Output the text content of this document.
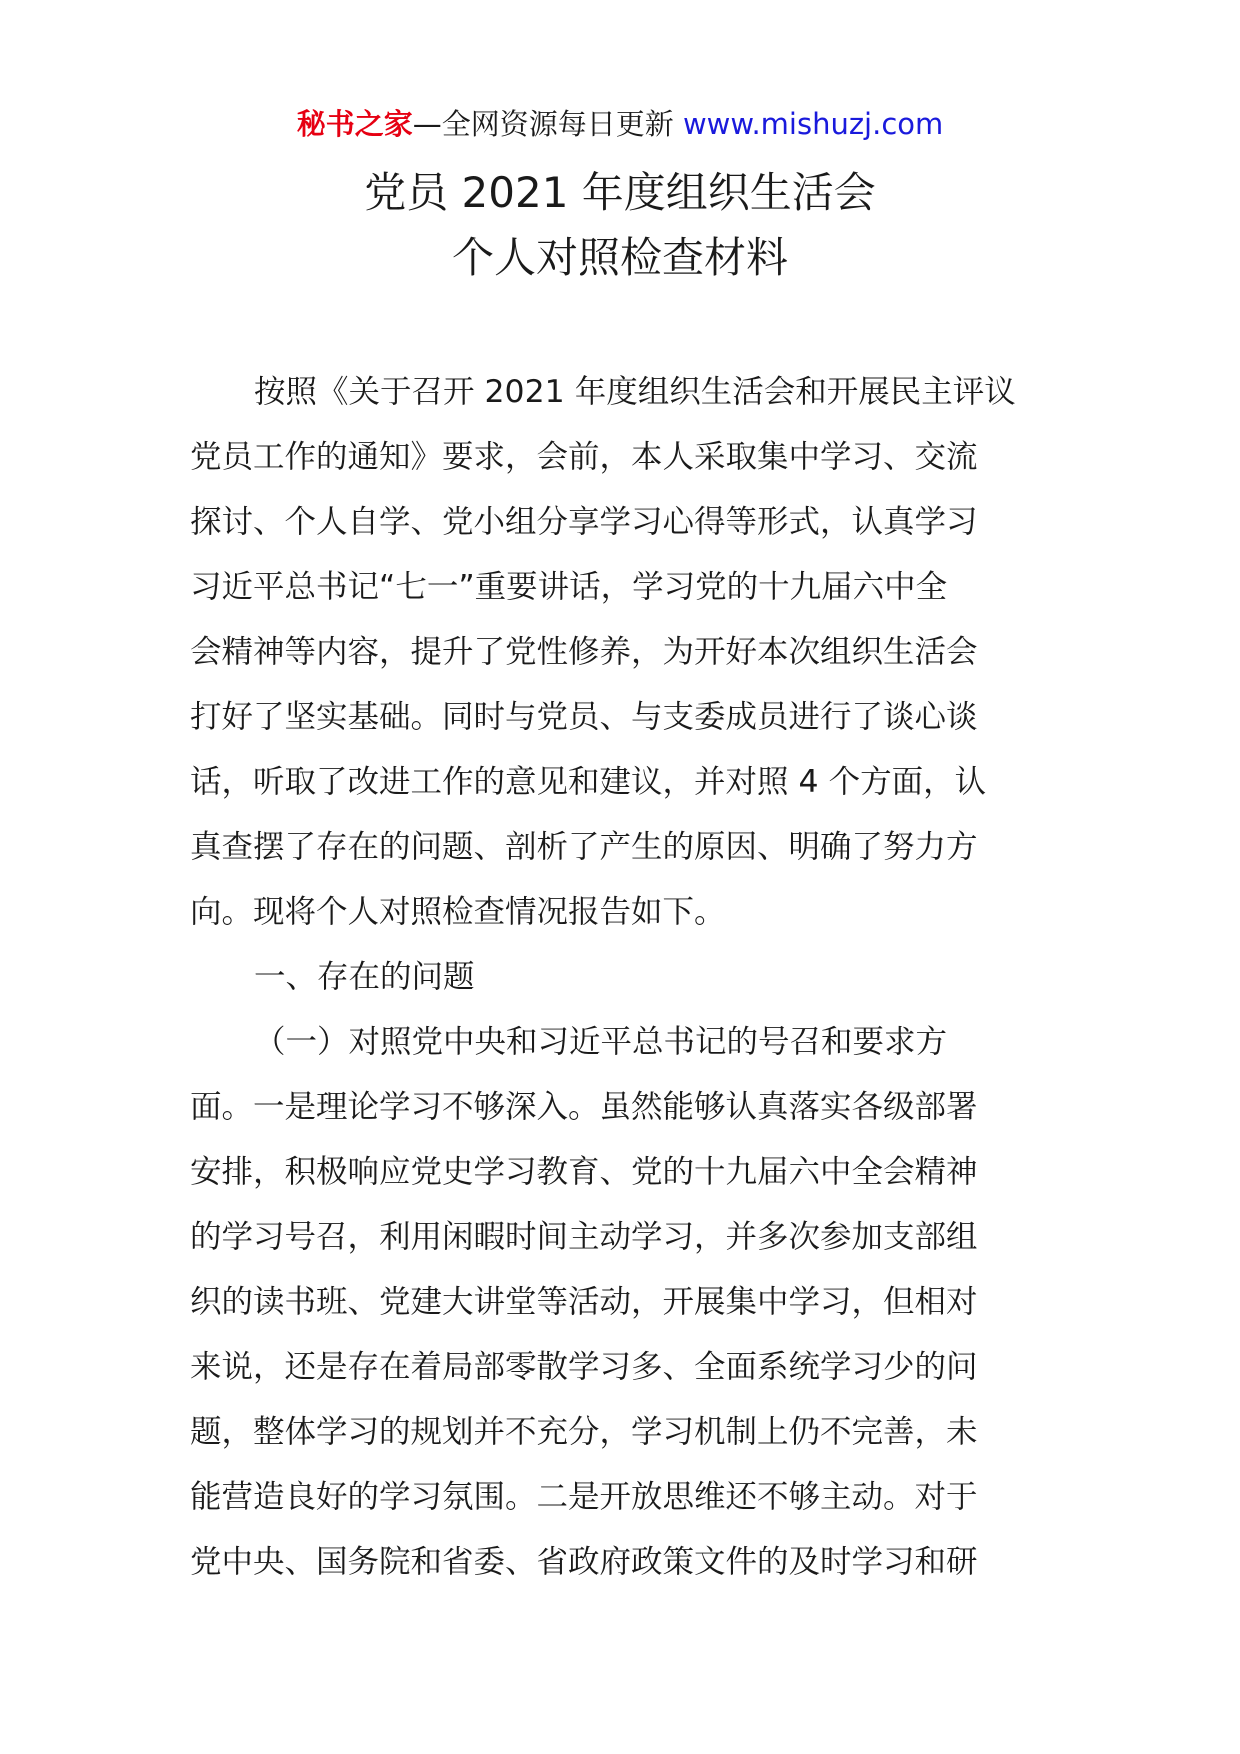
秘书之家—全网资源每日更新 www.mishuzj.com
党员 2021 年度组织生活会
个人对照检查材料
按照《关于召开 2021 年度组织生活会和开展民主评议
党员工作的通知》要求，会前，本人采取集中学习、交流
探讨、个人自学、党小组分享学习心得等形式，认真学习
习近平总书记“七一”重要讲话，学习党的十九届六中全
会精神等内容，提升了党性修养，为开好本次组织生活会
打好了坚实基础。同时与党员、与支委成员进行了谈心谈
话，听取了改进工作的意见和建议，并对照 4 个方面，认
真查摆了存在的问题、剖析了产生的原因、明确了努力方
向。现将个人对照检查情况报告如下。
一、存在的问题
（一）对照党中央和习近平总书记的号召和要求方
面。一是理论学习不够深入。虽然能够认真落实各级部署
安排，积极响应党史学习教育、党的十九届六中全会精神
的学习号召，利用闲暇时间主动学习，并多次参加支部组
织的读书班、党建大讲堂等活动，开展集中学习，但相对
来说，还是存在着局部零散学习多、全面系统学习少的问
题，整体学习的规划并不充分，学习机制上仍不完善，未
能营造良好的学习氛围。二是开放思维还不够主动。对于
党中央、国务院和省委、省政府政策文件的及时学习和研
